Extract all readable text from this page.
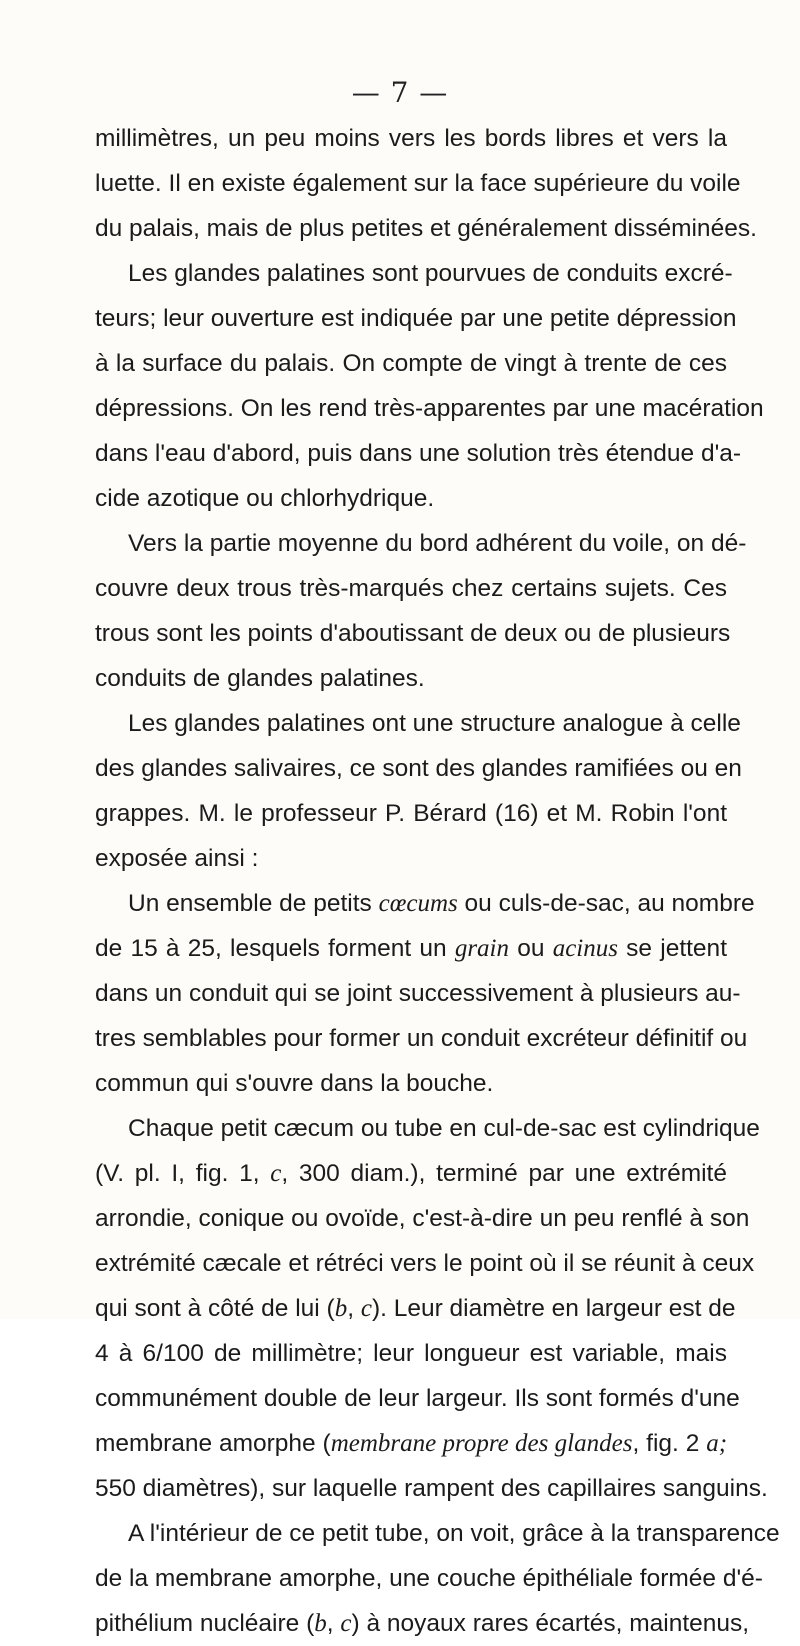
— 7 —
millimètres, un peu moins vers les bords libres et vers la
luette. Il en existe également sur la face supérieure du voile
du palais, mais de plus petites et généralement disséminées.
Les glandes palatines sont pourvues de conduits excré-
teurs; leur ouverture est indiquée par une petite dépression
à la surface du palais. On compte de vingt à trente de ces
dépressions. On les rend très-apparentes par une macération
dans l'eau d'abord, puis dans une solution très étendue d'a-
cide azotique ou chlorhydrique.
Vers la partie moyenne du bord adhérent du voile, on dé-
couvre deux trous très-marqués chez certains sujets. Ces
trous sont les points d'aboutissant de deux ou de plusieurs
conduits de glandes palatines.
Les glandes palatines ont une structure analogue à celle
des glandes salivaires, ce sont des glandes ramifiées ou en
grappes. M. le professeur P. Bérard (16) et M. Robin l'ont
exposée ainsi :
Un ensemble de petits cœcums ou culs-de-sac, au nombre
de 15 à 25, lesquels forment un grain ou acinus se jettent
dans un conduit qui se joint successivement à plusieurs au-
tres semblables pour former un conduit excréteur définitif ou
commun qui s'ouvre dans la bouche.
Chaque petit cæcum ou tube en cul-de-sac est cylindrique
(V. pl. I, fig. 1, c, 300 diam.), terminé par une extrémité
arrondie, conique ou ovoïde, c'est-à-dire un peu renflé à son
extrémité cæcale et rétréci vers le point où il se réunit à ceux
qui sont à côté de lui (b, c). Leur diamètre en largeur est de
4 à 6/100 de millimètre; leur longueur est variable, mais
communément double de leur largeur. Ils sont formés d'une
membrane amorphe (membrane propre des glandes, fig. 2 a;
550 diamètres), sur laquelle rampent des capillaires sanguins.
A l'intérieur de ce petit tube, on voit, grâce à la transparence
de la membrane amorphe, une couche épithéliale formée d'é-
pithélium nucléaire (b, c) à noyaux rares écartés, maintenus,
